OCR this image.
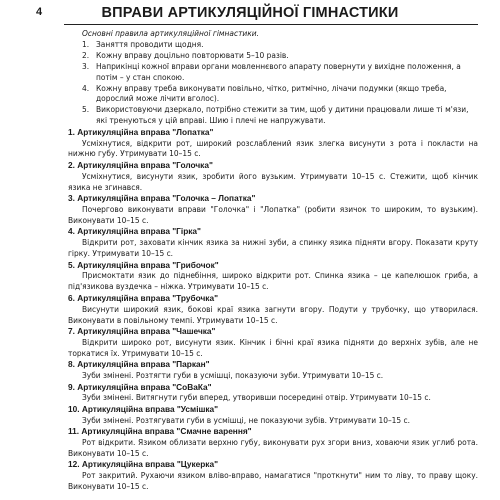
4	ВПРАВИ АРТИКУЛЯЦІЙНОЇ ГІМНАСТИКИ
Основні правила артикуляційної гімнастики.
1. Заняття проводити щодня.
2. Кожну вправу доцільно повторювати 5–10 разів.
3. Наприкінці кожної вправи органи мовленнєвого апарату повернути у вихідне положення, а потім – у стан спокою.
4. Кожну вправу треба виконувати повільно, чітко, ритмічно, лічачи подумки (якщо треба, дорослий може лічити вголос).
5. Використовуючи дзеркало, потрібно стежити за тим, щоб у дитини працювали лише ті м'язи, які тренуються у цій вправі. Шию і плечі не напружувати.
1. Артикуляційна вправа "Лопатка"
Усміхнутися, відкрити рот, широкий розслаблений язик злегка висунути з рота і покласти на нижню губу. Утримувати 10–15 с.
2. Артикуляційна вправа "Голочка"
Усміхнутися, висунути язик, зробити його вузьким. Утримувати 10–15 с. Стежити, щоб кінчик язика не згинався.
3. Артикуляційна вправа "Голочка – Лопатка"
Почергово виконувати вправи "Голочка" і "Лопатка" (робити язичок то широким, то вузьким). Виконувати 10–15 с.
4. Артикуляційна вправа "Гірка"
Відкрити рот, заховати кінчик язика за нижні зуби, а спинку язика підняти вгору. Показати круту гірку. Утримувати 10–15 с.
5. Артикуляційна вправа "Грибочок"
Присмоктати язик до піднебіння, широко відкрити рот. Спинка язика – це капелюшок гриба, а під'язикова вуздечка – ніжка. Утримувати 10–15 с.
6. Артикуляційна вправа "Трубочка"
Висунути широкий язик, бокові краї язика загнути вгору. Подути у трубочку, що утворилася. Виконувати в повільному темпі. Утримувати 10–15 с.
7. Артикуляційна вправа "Чашечка"
Відкрити широко рот, висунути язик. Кінчик і бічні краї язика підняти до верхніх зубів, але не торкатися їх. Утримувати 10–15 с.
8. Артикуляційна вправа "Паркан"
Зуби змінені. Розтягти губи в усмішці, показуючи зуби. Утримувати 10–15 с.
9. Артикуляційна вправа "СоВаКа"
Зуби змінені. Витягнути губи вперед, утворивши посередині отвір. Утримувати 10–15 с.
10. Артикуляційна вправа "Усмішка"
Зуби змінені. Розтягувати губи в усмішці, не показуючи зубів. Утримувати 10–15 с.
11. Артикуляційна вправа "Смачне варення"
Рот відкрити. Язиком облизати верхню губу, виконувати рух згори вниз, ховаючи язик углиб рота. Виконувати 10–15 с.
12. Артикуляційна вправа "Цукерка"
Рот закритий. Рухаючи язиком вліво-вправо, намагатися "проткнути" ним то ліву, то праву щоку. Виконувати 10–15 с.
